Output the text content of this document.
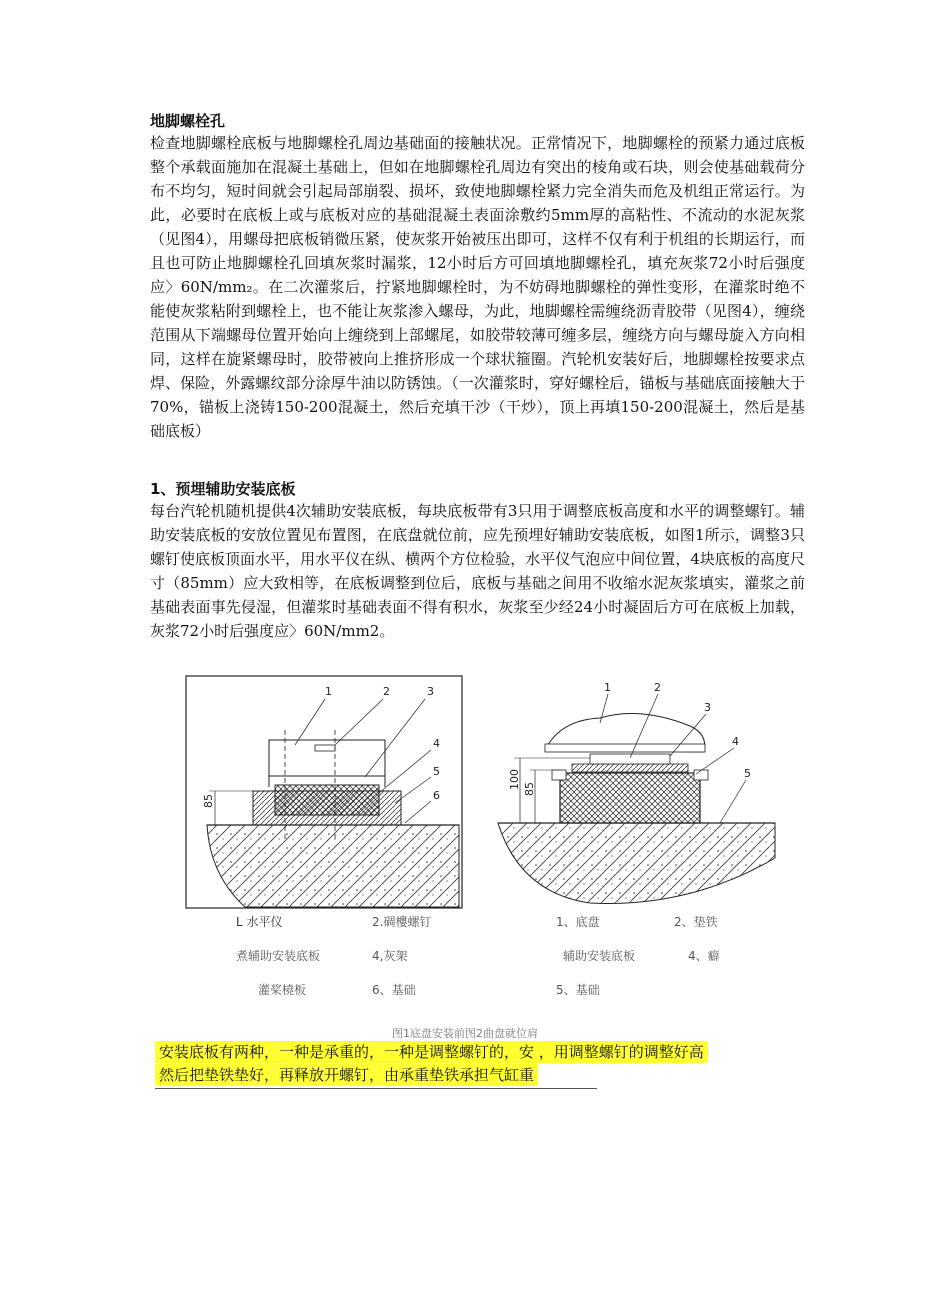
地脚螺栓孔
检查地脚螺栓底板与地脚螺栓孔周边基础面的接触状况。正常情况下，地脚螺栓的预紧力通过底板整个承载面施加在混凝土基础上，但如在地脚螺栓孔周边有突出的棱角或石块，则会使基础载荷分布不均匀，短时间就会引起局部崩裂、损坏，致使地脚螺栓紧力完全消失而危及机组正常运行。为此，必要时在底板上或与底板对应的基础混凝土表面涂敷约5mm厚的高粘性、不流动的水泥灰浆（见图4），用螺母把底板销微压紧，使灰浆开始被压出即可，这样不仅有利于机组的长期运行，而且也可防止地脚螺栓孔回填灰浆时漏浆，12小时后方可回填地脚螺栓孔，填充灰浆72小时后强度应〉60N/mm₂。在二次灌浆后，拧紧地脚螺栓时，为不妨碍地脚螺栓的弹性变形，在灌浆时绝不能使灰浆粘附到螺栓上，也不能让灰浆渗入螺母，为此，地脚螺栓需缠绕沥青胶带（见图4），缠绕范围从下端螺母位置开始向上缠绕到上部螺尾，如胶带较薄可缠多层，缠绕方向与螺母旋入方向相同，这样在旋紧螺母时，胶带被向上推挤形成一个球状箍圈。汽轮机安装好后，地脚螺栓按要求点焊、保险，外露螺纹部分涂厚牛油以防锈蚀。（一次灌浆时，穿好螺栓后，锚板与基础底面接触大于70%，锚板上浇铸150-200混凝土，然后充填干沙（干炒），顶上再填150-200混凝土，然后是基础底板）
1、预埋辅助安装底板
每台汽轮机随机提供4次辅助安装底板，每块底板带有3只用于调整底板高度和水平的调整螺钉。辅助安装底板的安放位置见布置图，在底盘就位前，应先预埋好辅助安装底板，如图1所示，调整3只螺钉使底板顶面水平，用水平仪在纵、横两个方位检验，水平仪气泡应中间位置，4块底板的高度尺寸（85mm）应大致相等，在底板调整到位后，底板与基础之间用不收缩水泥灰浆填实，灌浆之前基础表面事先侵湿，但灌浆时基础表面不得有积水，灰浆至少经24小时凝固后方可在底板上加载，灰浆72小时后强度应〉60N/mm2。
85
1	2	3
4
5
6
100 85
1	2
3
4
5
L 水平仪	2.碉樓螺钉
煮辅助安装底板	4,灰架
灌桨橈板	6、基础
1、底盘	2、垫铁
辅助安装底板	4、癖
5、基础
图1底盘安装前图2曲盘就位肩
安装底板有两种，一种是承重的，一种是调整螺钉的，安 ，用调整螺钉的调整好高
然后把垫铁垫好，再释放开螺钉，由承重垫铁承担气缸重
